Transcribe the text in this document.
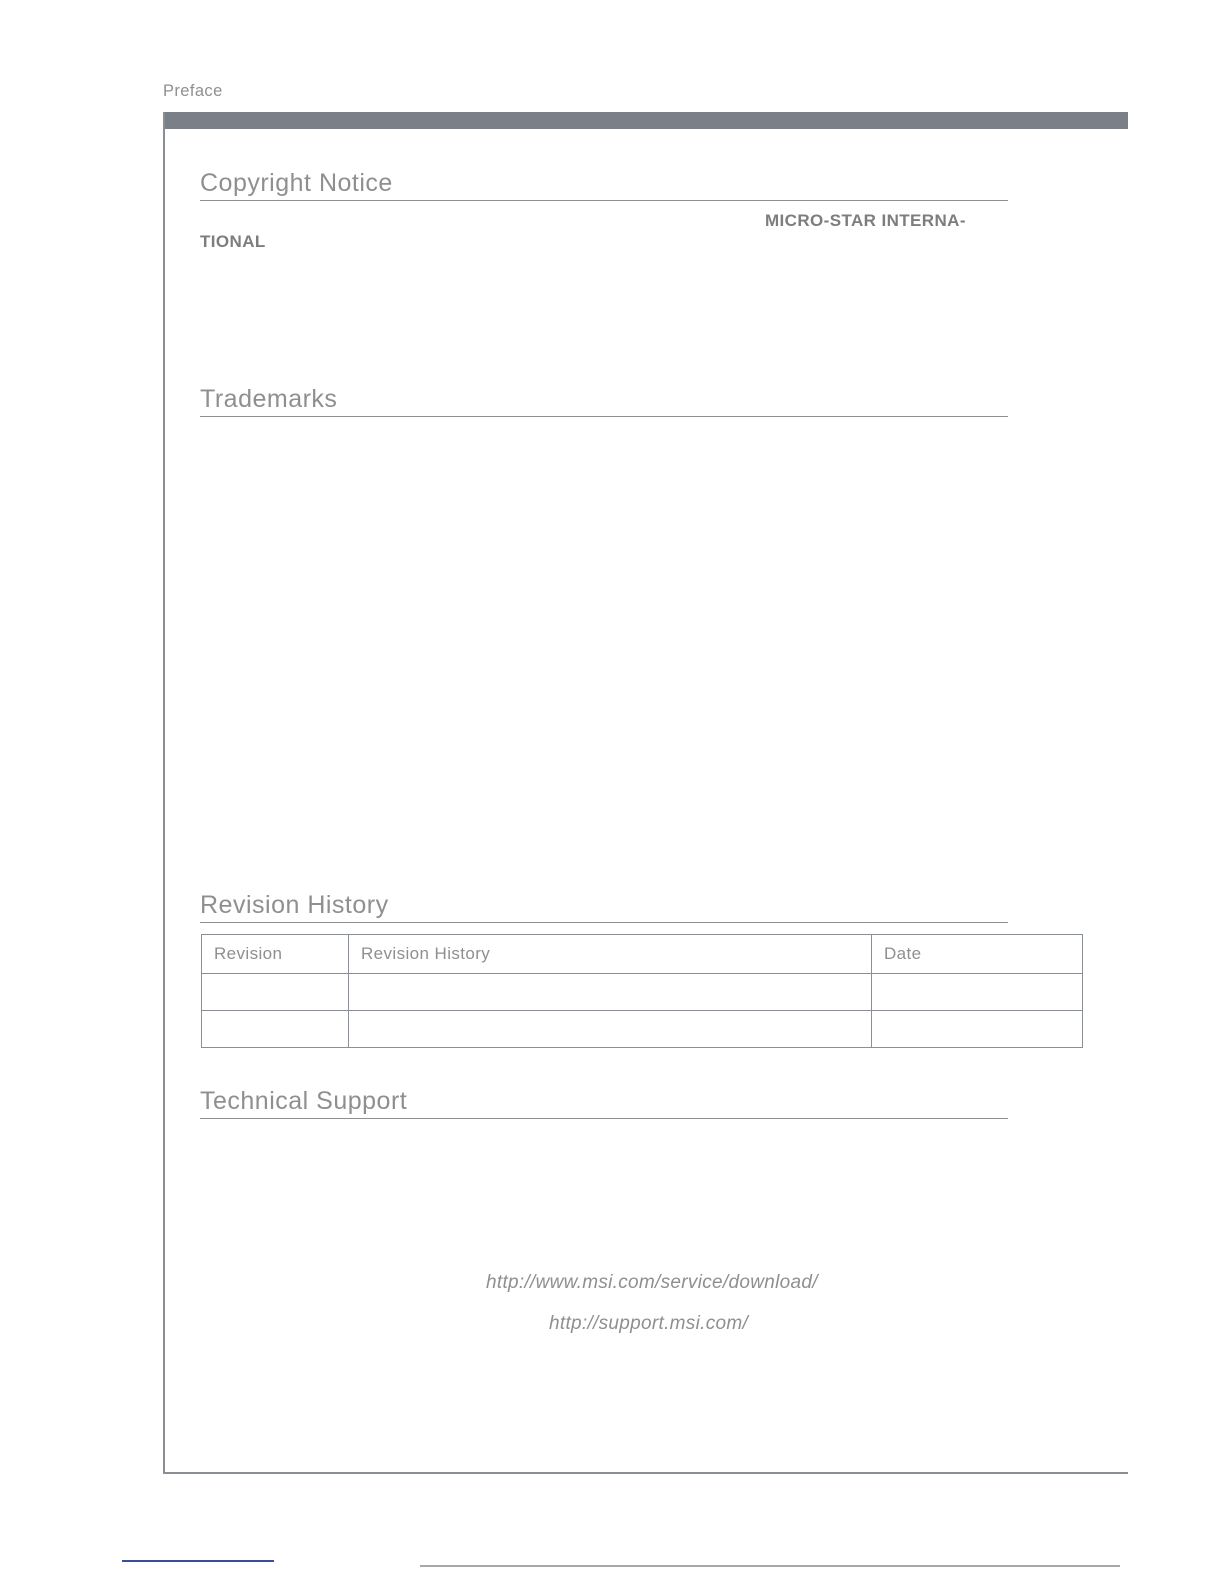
Preface
Copyright Notice
MICRO-STAR INTERNA-
TIONAL
Trademarks
Revision History
Revision	Revision History	Date

Technical Support
http://www.msi.com/service/download/
http://support.msi.com/
